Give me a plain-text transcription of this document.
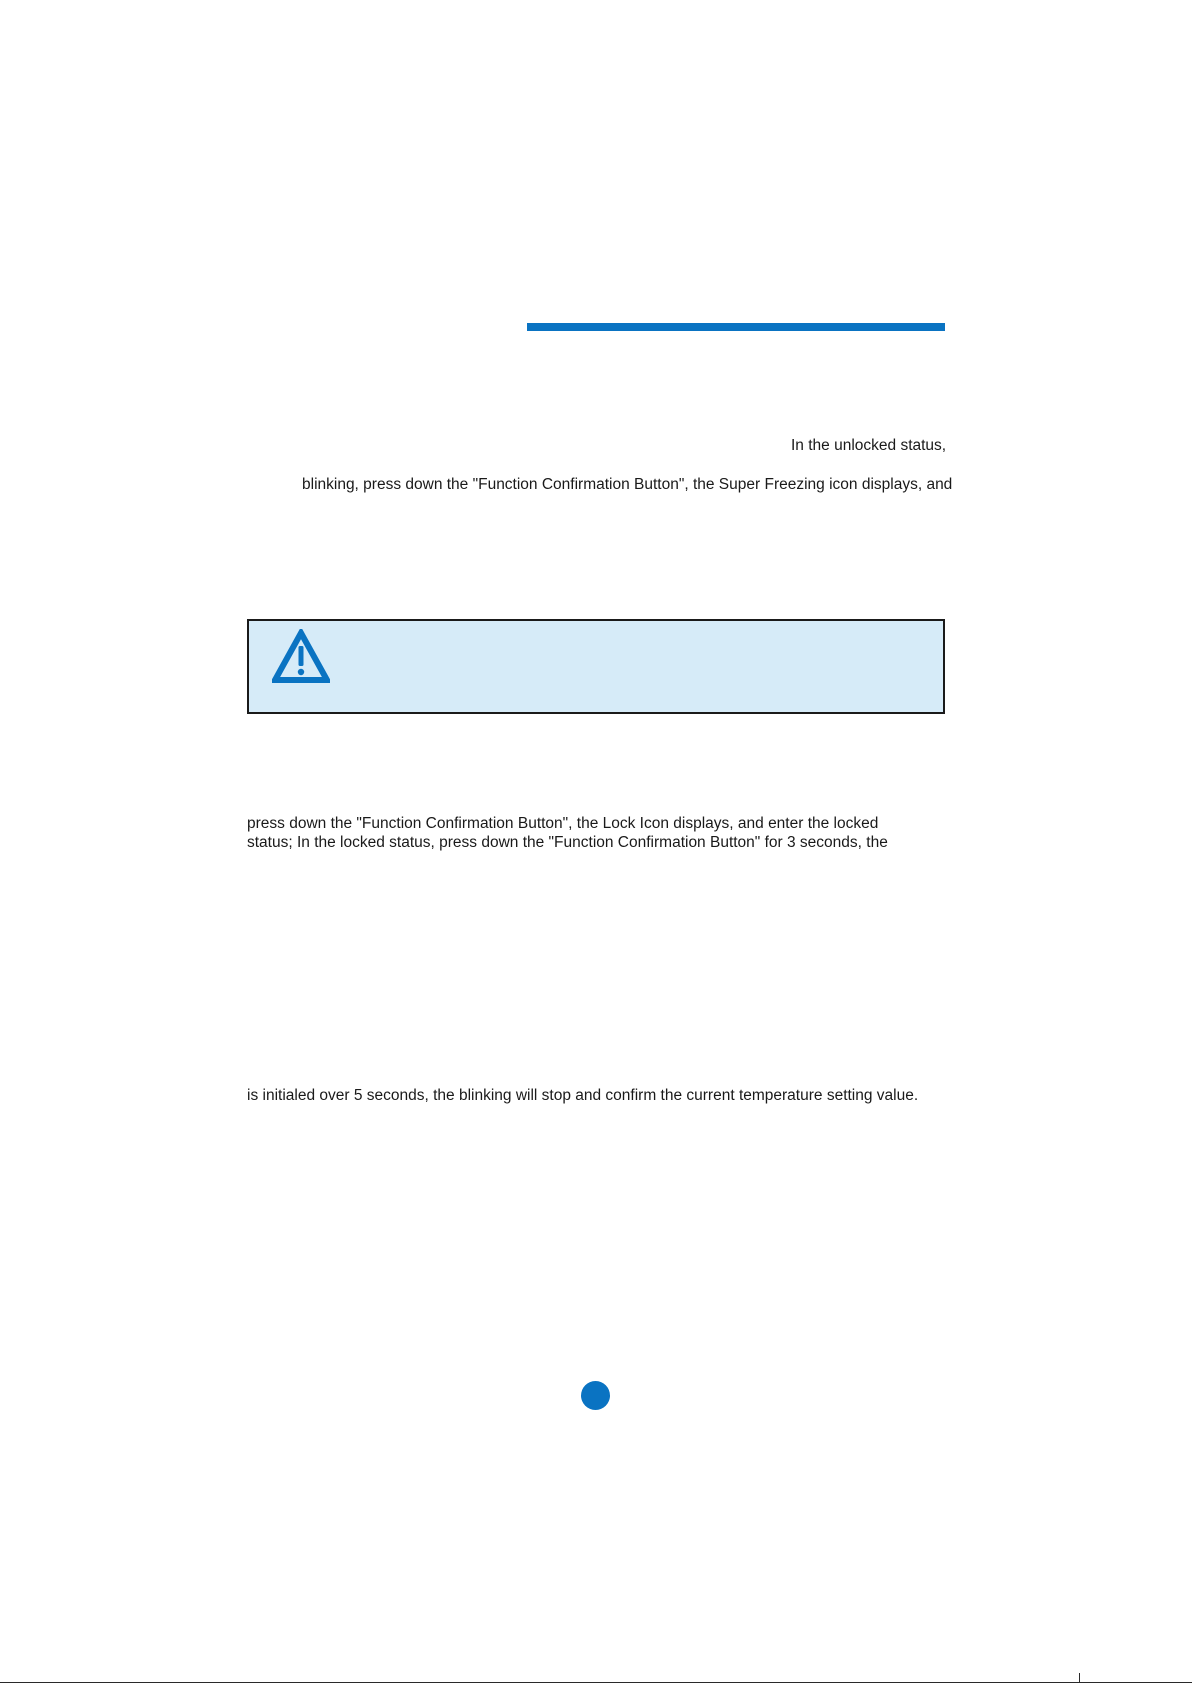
In the unlocked status,
blinking, press down the "Function Confirmation Button", the Super Freezing icon displays, and
press down the "Function Confirmation Button", the Lock Icon displays, and enter the locked
status; In the locked status, press down the "Function Confirmation Button" for 3 seconds, the
is initialed over 5 seconds, the blinking will stop and confirm the current temperature setting value.
